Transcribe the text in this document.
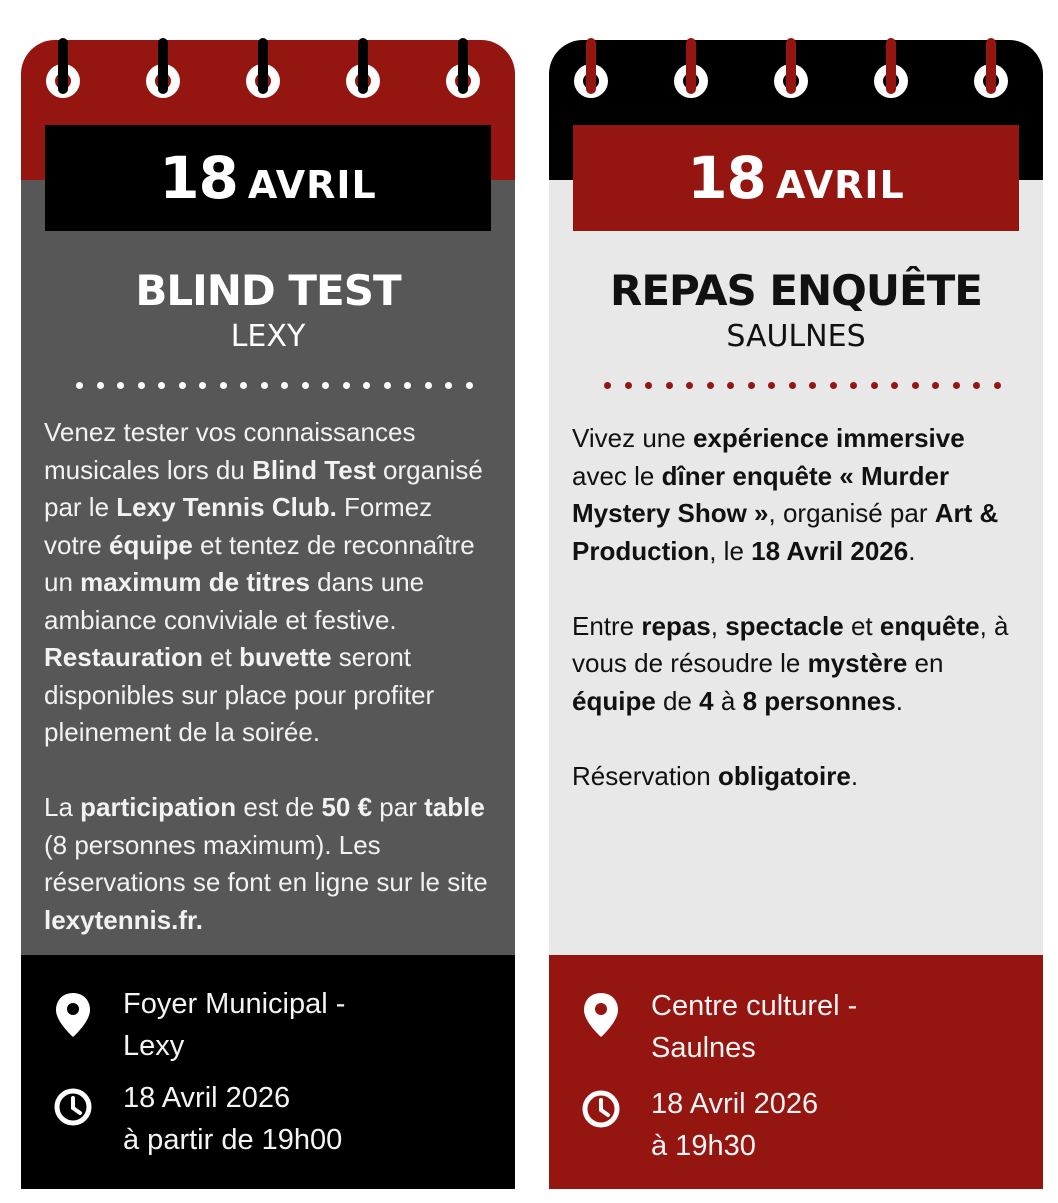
18 AVRIL
BLIND TEST
LEXY

Venez tester vos connaissances musicales lors du Blind Test organisé par le Lexy Tennis Club. Formez votre équipe et tentez de reconnaître un maximum de titres dans une ambiance conviviale et festive. Restauration et buvette seront disponibles sur place pour profiter pleinement de la soirée.

La participation est de 50 € par table (8 personnes maximum). Les réservations se font en ligne sur le site lexytennis.fr.

Foyer Municipal -
Lexy
18 Avril 2026
à partir de 19h00
18 AVRIL
REPAS ENQUÊTE
SAULNES

Vivez une expérience immersive avec le dîner enquête « Murder Mystery Show », organisé par Art & Production, le 18 Avril 2026.

Entre repas, spectacle et enquête, à vous de résoudre le mystère en équipe de 4 à 8 personnes.

Réservation obligatoire.

Centre culturel -
Saulnes
18 Avril 2026
à 19h30
